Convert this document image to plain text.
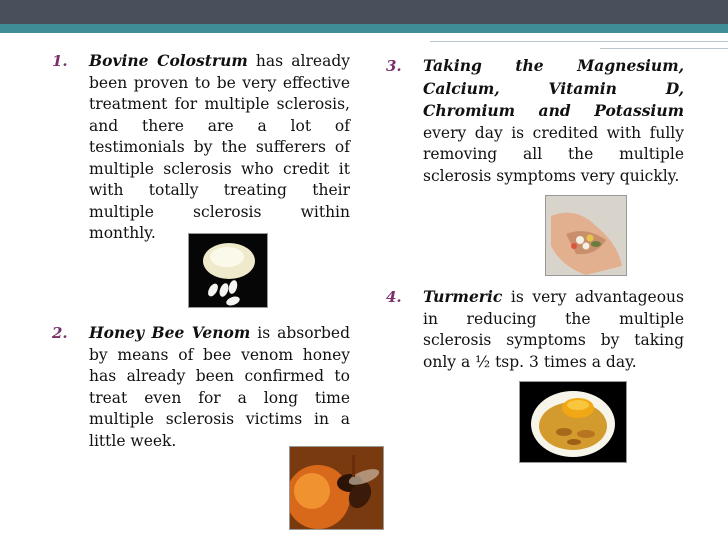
1. Bovine Colostrum has already been proven to be very effective treatment for multiple sclerosis, and there are a lot of testimonials by the sufferers of multiple sclerosis who credit it with totally treating their multiple sclerosis within monthly.
2. Honey Bee Venom is absorbed by means of bee venom honey has already been confirmed to treat even for a long time multiple sclerosis victims in a little week.
3. Taking the Magnesium, Calcium, Vitamin D, Chromium and Potassium every day is credited with fully removing all the multiple sclerosis symptoms very quickly.
4. Turmeric is very advantageous in reducing the multiple sclerosis symptoms by taking only a ½ tsp. 3 times a day.
